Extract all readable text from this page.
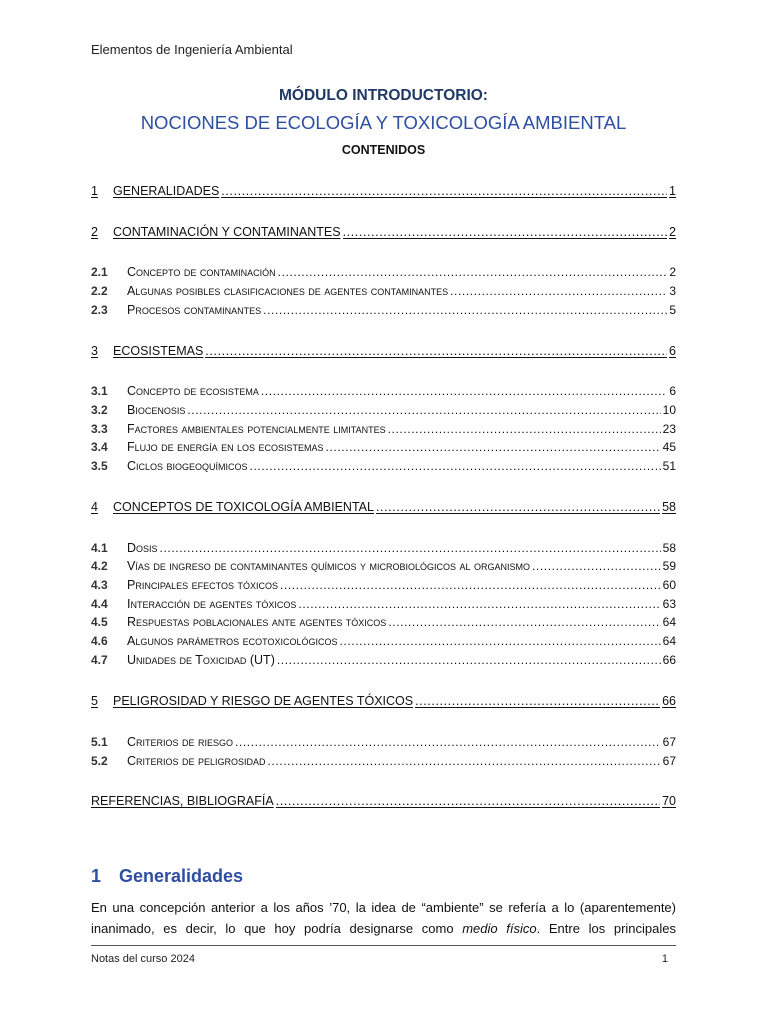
Elementos de Ingeniería Ambiental
MÓDULO INTRODUCTORIO:
NOCIONES DE ECOLOGÍA Y TOXICOLOGÍA AMBIENTAL
CONTENIDOS
1	GENERALIDADES .....	1
2	CONTAMINACIÓN Y CONTAMINANTES .....	2
2.1	Concepto de contaminación .....	2
2.2	Algunas posibles clasificaciones de agentes contaminantes .....	3
2.3	Procesos contaminantes .....	5
3	ECOSISTEMAS .....	6
3.1	Concepto de ecosistema .....	6
3.2	Biocenosis .....	10
3.3	Factores ambientales potencialmente limitantes .....	23
3.4	Flujo de energía en los ecosistemas .....	45
3.5	Ciclos biogeoquímicos .....	51
4	CONCEPTOS DE TOXICOLOGÍA AMBIENTAL .....	58
4.1	Dosis .....	58
4.2	Vías de ingreso de contaminantes químicos y microbiológicos al organismo .....	59
4.3	Principales efectos tóxicos .....	60
4.4	Interacción de agentes tóxicos .....	63
4.5	Respuestas poblacionales ante agentes tóxicos .....	64
4.6	Algunos parámetros ecotoxicológicos .....	64
4.7	Unidades de Toxicidad (UT) .....	66
5	PELIGROSIDAD Y RIESGO DE AGENTES TÓXICOS .....	66
5.1	Criterios de riesgo .....	67
5.2	Criterios de peligrosidad .....	67
REFERENCIAS, BIBLIOGRAFÍA .....	70
1 Generalidades
En una concepción anterior a los años ’70, la idea de “ambiente” se refería a lo (aparentemente)
inanimado, es decir, lo que hoy podría designarse como medio físico. Entre los principales
Notas del curso 2024	1
